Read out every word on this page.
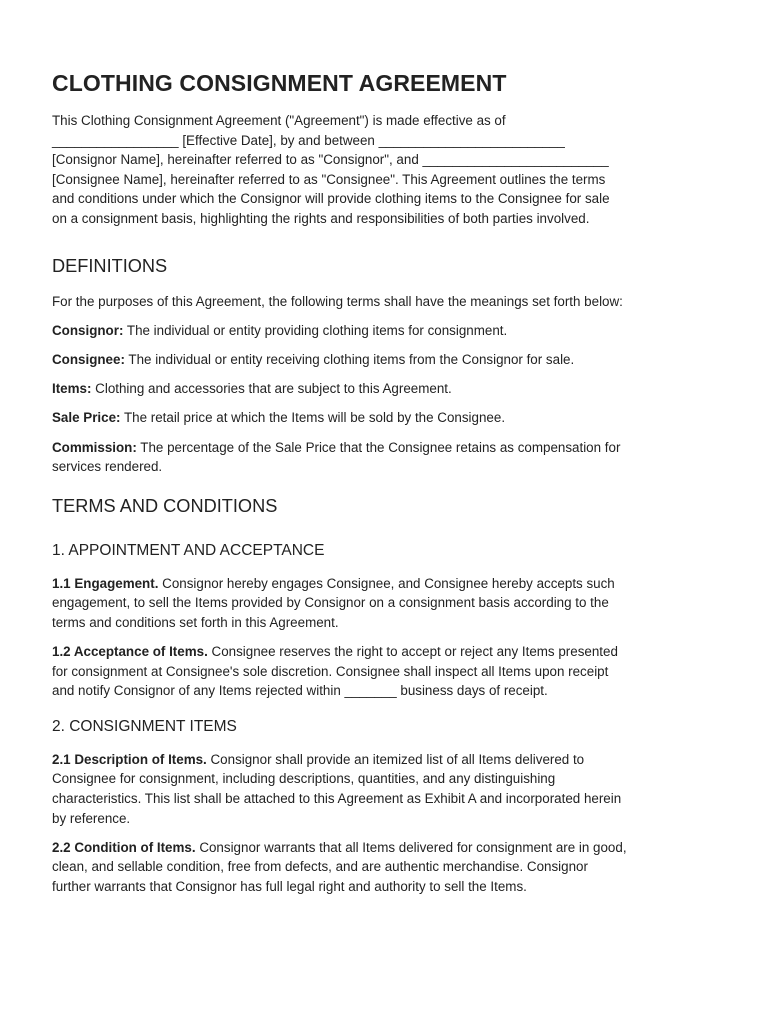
CLOTHING CONSIGNMENT AGREEMENT

This Clothing Consignment Agreement ("Agreement") is made effective as of
_________________ [Effective Date], by and between _________________________
[Consignor Name], hereinafter referred to as "Consignor", and _________________________
[Consignee Name], hereinafter referred to as "Consignee". This Agreement outlines the terms
and conditions under which the Consignor will provide clothing items to the Consignee for sale
on a consignment basis, highlighting the rights and responsibilities of both parties involved.

DEFINITIONS

For the purposes of this Agreement, the following terms shall have the meanings set forth below:

Consignor: The individual or entity providing clothing items for consignment.

Consignee: The individual or entity receiving clothing items from the Consignor for sale.

Items: Clothing and accessories that are subject to this Agreement.

Sale Price: The retail price at which the Items will be sold by the Consignee.

Commission: The percentage of the Sale Price that the Consignee retains as compensation for
services rendered.

TERMS AND CONDITIONS
1. APPOINTMENT AND ACCEPTANCE

1.1 Engagement. Consignor hereby engages Consignee, and Consignee hereby accepts such
engagement, to sell the Items provided by Consignor on a consignment basis according to the
terms and conditions set forth in this Agreement.

1.2 Acceptance of Items. Consignee reserves the right to accept or reject any Items presented
for consignment at Consignee's sole discretion. Consignee shall inspect all Items upon receipt
and notify Consignor of any Items rejected within _______ business days of receipt.

2. CONSIGNMENT ITEMS

2.1 Description of Items. Consignor shall provide an itemized list of all Items delivered to
Consignee for consignment, including descriptions, quantities, and any distinguishing
characteristics. This list shall be attached to this Agreement as Exhibit A and incorporated herein
by reference.

2.2 Condition of Items. Consignor warrants that all Items delivered for consignment are in good,
clean, and sellable condition, free from defects, and are authentic merchandise. Consignor
further warrants that Consignor has full legal right and authority to sell the Items.
